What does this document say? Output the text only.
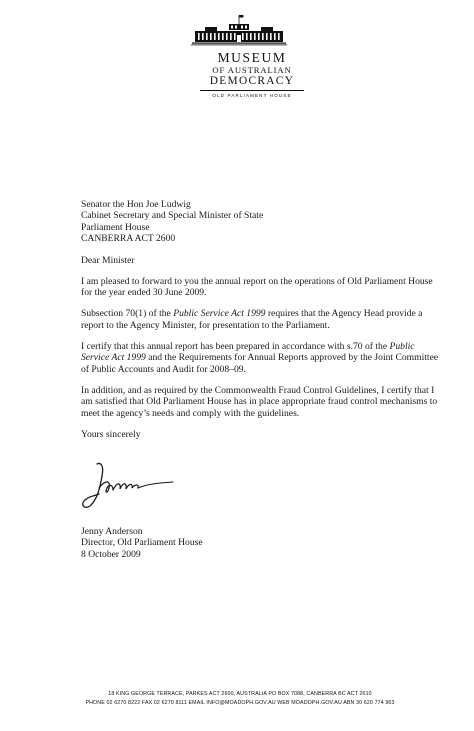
MUSEUM
OF AUSTRALIAN
DEMOCRACY
OLD PARLIAMENT HOUSE

Senator the Hon Joe Ludwig
Cabinet Secretary and Special Minister of State
Parliament House
CANBERRA ACT 2600

Dear Minister

I am pleased to forward to you the annual report on the operations of Old Parliament House for the year ended 30 June 2009.

Subsection 70(1) of the Public Service Act 1999 requires that the Agency Head provide a report to the Agency Minister, for presentation to the Parliament.

I certify that this annual report has been prepared in accordance with s.70 of the Public Service Act 1999 and the Requirements for Annual Reports approved by the Joint Committee of Public Accounts and Audit for 2008–09.

In addition, and as required by the Commonwealth Fraud Control Guidelines, I certify that I am satisfied that Old Parliament House has in place appropriate fraud control mechanisms to meet the agency’s needs and comply with the guidelines.

Yours sincerely

Jenny Anderson
Director, Old Parliament House
8 October 2009
18 KING GEORGE TERRACE, PARKES ACT 2600, AUSTRALIA PO BOX 7088, CANBERRA BC ACT 2610
PHONE 02 6270 8222 FAX 02 6270 8111 EMAIL INFO@MOADOPH.GOV.AU WEB MOADOPH.GOV.AU ABN 30 620 774 963
